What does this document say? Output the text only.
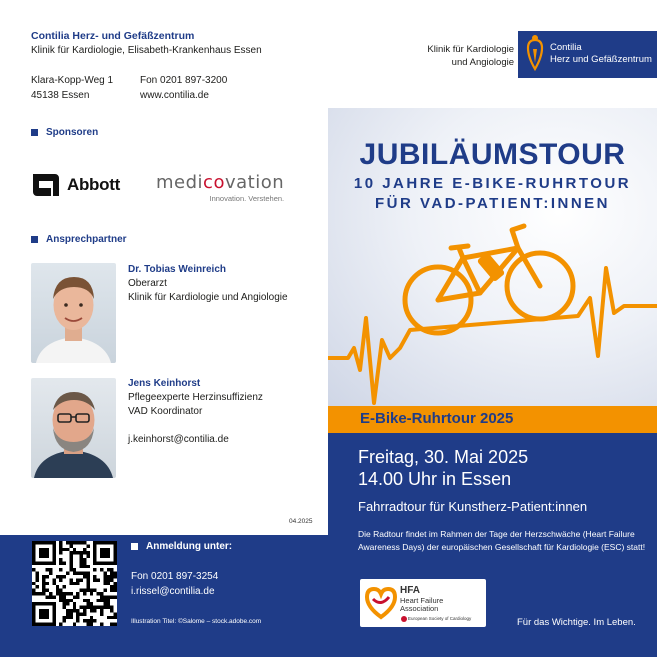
Contilia Herz- und Gefäßzentrum
Klinik für Kardiologie, Elisabeth-Krankenhaus Essen
Klara-Kopp-Weg 1
45138 Essen
Fon 0201 897-3200
www.contilia.de
Sponsoren
Abbott medicovation
Innovation. Verstehen.
Ansprechpartner
Dr. Tobias Weinreich
Oberarzt
Klinik für Kardiologie und Angiologie
Jens Keinhorst
Pflegeexperte Herzinsuffizienz
VAD Koordinator
j.keinhorst@contilia.de
Klinik für Kardiologie
und Angiologie
Contilia
Herz und Gefäßzentrum
JUBILÄUMSTOUR
10 JAHRE E-BIKE-RUHRTOUR
FÜR VAD-PATIENT:INNEN
E-Bike-Ruhrtour 2025
Freitag, 30. Mai 2025
14.00 Uhr in Essen
Fahrradtour für Kunstherz-Patient:innen
Die Radtour findet im Rahmen der Tage der Herzschwäche (Heart Failure Awareness Days) der europäischen Gesellschaft für Kardiologie (ESC) statt!
HFA
Heart Failure
Association
European Society of Cardiology	Für das Wichtige. Im Leben.
04.2025
Anmeldung unter:
Fon 0201 897-3254
i.rissel@contilia.de
Illustration Titel: ©Salome – stock.adobe.com
